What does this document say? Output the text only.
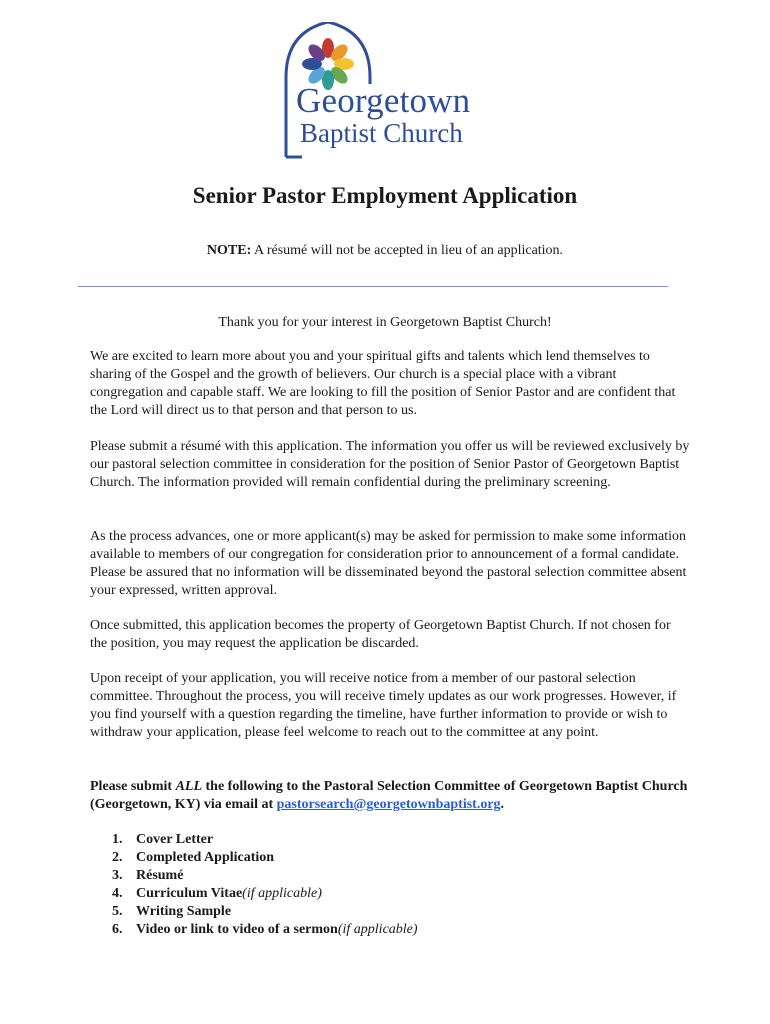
Georgetown
Baptist Church
Senior Pastor Employment Application
NOTE: A résumé will not be accepted in lieu of an application.
Thank you for your interest in Georgetown Baptist Church!

We are excited to learn more about you and your spiritual gifts and talents which lend themselves to sharing of the Gospel and the growth of believers. Our church is a special place with a vibrant congregation and capable staff. We are looking to fill the position of Senior Pastor and are confident that the Lord will direct us to that person and that person to us.

Please submit a résumé with this application. The information you offer us will be reviewed exclusively by our pastoral selection committee in consideration for the position of Senior Pastor of Georgetown Baptist Church. The information provided will remain confidential during the preliminary screening.

As the process advances, one or more applicant(s) may be asked for permission to make some information available to members of our congregation for consideration prior to announcement of a formal candidate. Please be assured that no information will be disseminated beyond the pastoral selection committee absent your expressed, written approval.

Once submitted, this application becomes the property of Georgetown Baptist Church. If not chosen for the position, you may request the application be discarded.

Upon receipt of your application, you will receive notice from a member of our pastoral selection committee. Throughout the process, you will receive timely updates as our work progresses. However, if you find yourself with a question regarding the timeline, have further information to provide or wish to withdraw your application, please feel welcome to reach out to the committee at any point.

Please submit ALL the following to the Pastoral Selection Committee of Georgetown Baptist Church (Georgetown, KY) via email at pastorsearch@georgetownbaptist.org.
1. Cover Letter
2. Completed Application
3. Résumé
4. Curriculum Vitae (if applicable)
5. Writing Sample
6. Video or link to video of a sermon (if applicable)
